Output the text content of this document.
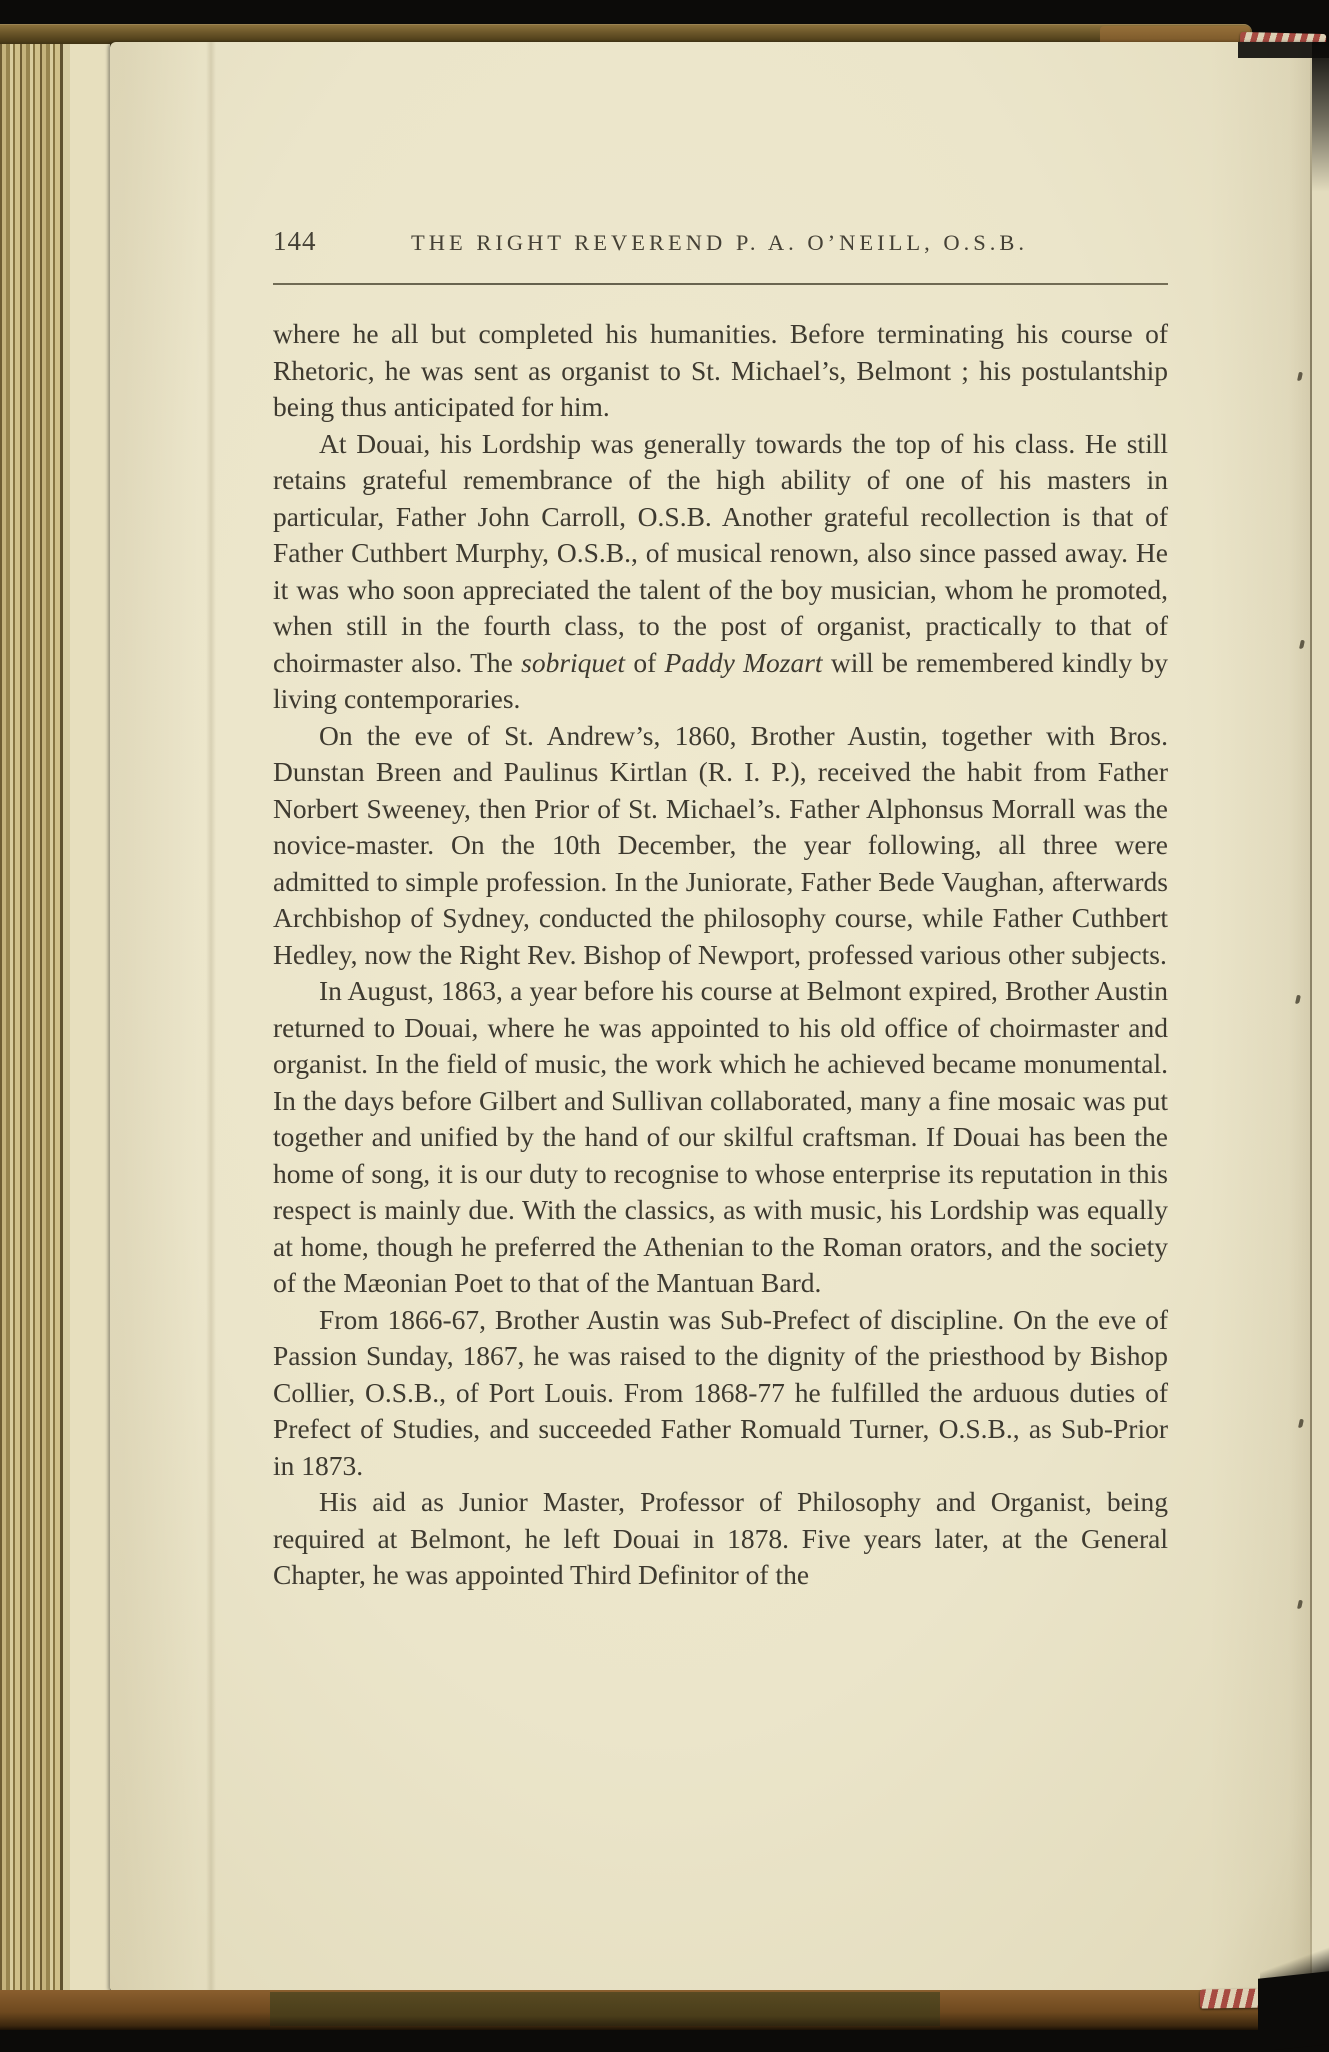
144	THE RIGHT REVEREND P. A. O’NEILL, O.S.B.

where he all but completed his humanities. Before terminating his course of Rhetoric, he was sent as organist to St. Michael’s, Belmont ; his postulantship being thus anticipated for him.

At Douai, his Lordship was generally towards the top of his class. He still retains grateful remembrance of the high ability of one of his masters in particular, Father John Carroll, O.S.B. Another grateful recollection is that of Father Cuthbert Murphy, O.S.B., of musical renown, also since passed away. He it was who soon appreciated the talent of the boy musician, whom he promoted, when still in the fourth class, to the post of organist, practically to that of choirmaster also. The sobriquet of Paddy Mozart will be remembered kindly by living contemporaries.

On the eve of St. Andrew’s, 1860, Brother Austin, together with Bros. Dunstan Breen and Paulinus Kirtlan (R. I. P.), received the habit from Father Norbert Sweeney, then Prior of St. Michael’s. Father Alphonsus Morrall was the novice-master. On the 10th December, the year following, all three were admitted to simple profession. In the Juniorate, Father Bede Vaughan, afterwards Archbishop of Sydney, conducted the philosophy course, while Father Cuthbert Hedley, now the Right Rev. Bishop of Newport, professed various other subjects.

In August, 1863, a year before his course at Belmont expired, Brother Austin returned to Douai, where he was appointed to his old office of choirmaster and organist. In the field of music, the work which he achieved became monumental. In the days before Gilbert and Sullivan collaborated, many a fine mosaic was put together and unified by the hand of our skilful craftsman. If Douai has been the home of song, it is our duty to recognise to whose enterprise its reputation in this respect is mainly due. With the classics, as with music, his Lordship was equally at home, though he preferred the Athenian to the Roman orators, and the society of the Mæonian Poet to that of the Mantuan Bard.

From 1866-67, Brother Austin was Sub-Prefect of discipline. On the eve of Passion Sunday, 1867, he was raised to the dignity of the priesthood by Bishop Collier, O.S.B., of Port Louis. From 1868-77 he fulfilled the arduous duties of Prefect of Studies, and succeeded Father Romuald Turner, O.S.B., as Sub-Prior in 1873.

His aid as Junior Master, Professor of Philosophy and Organist, being required at Belmont, he left Douai in 1878. Five years later, at the General Chapter, he was appointed Third Definitor of the
